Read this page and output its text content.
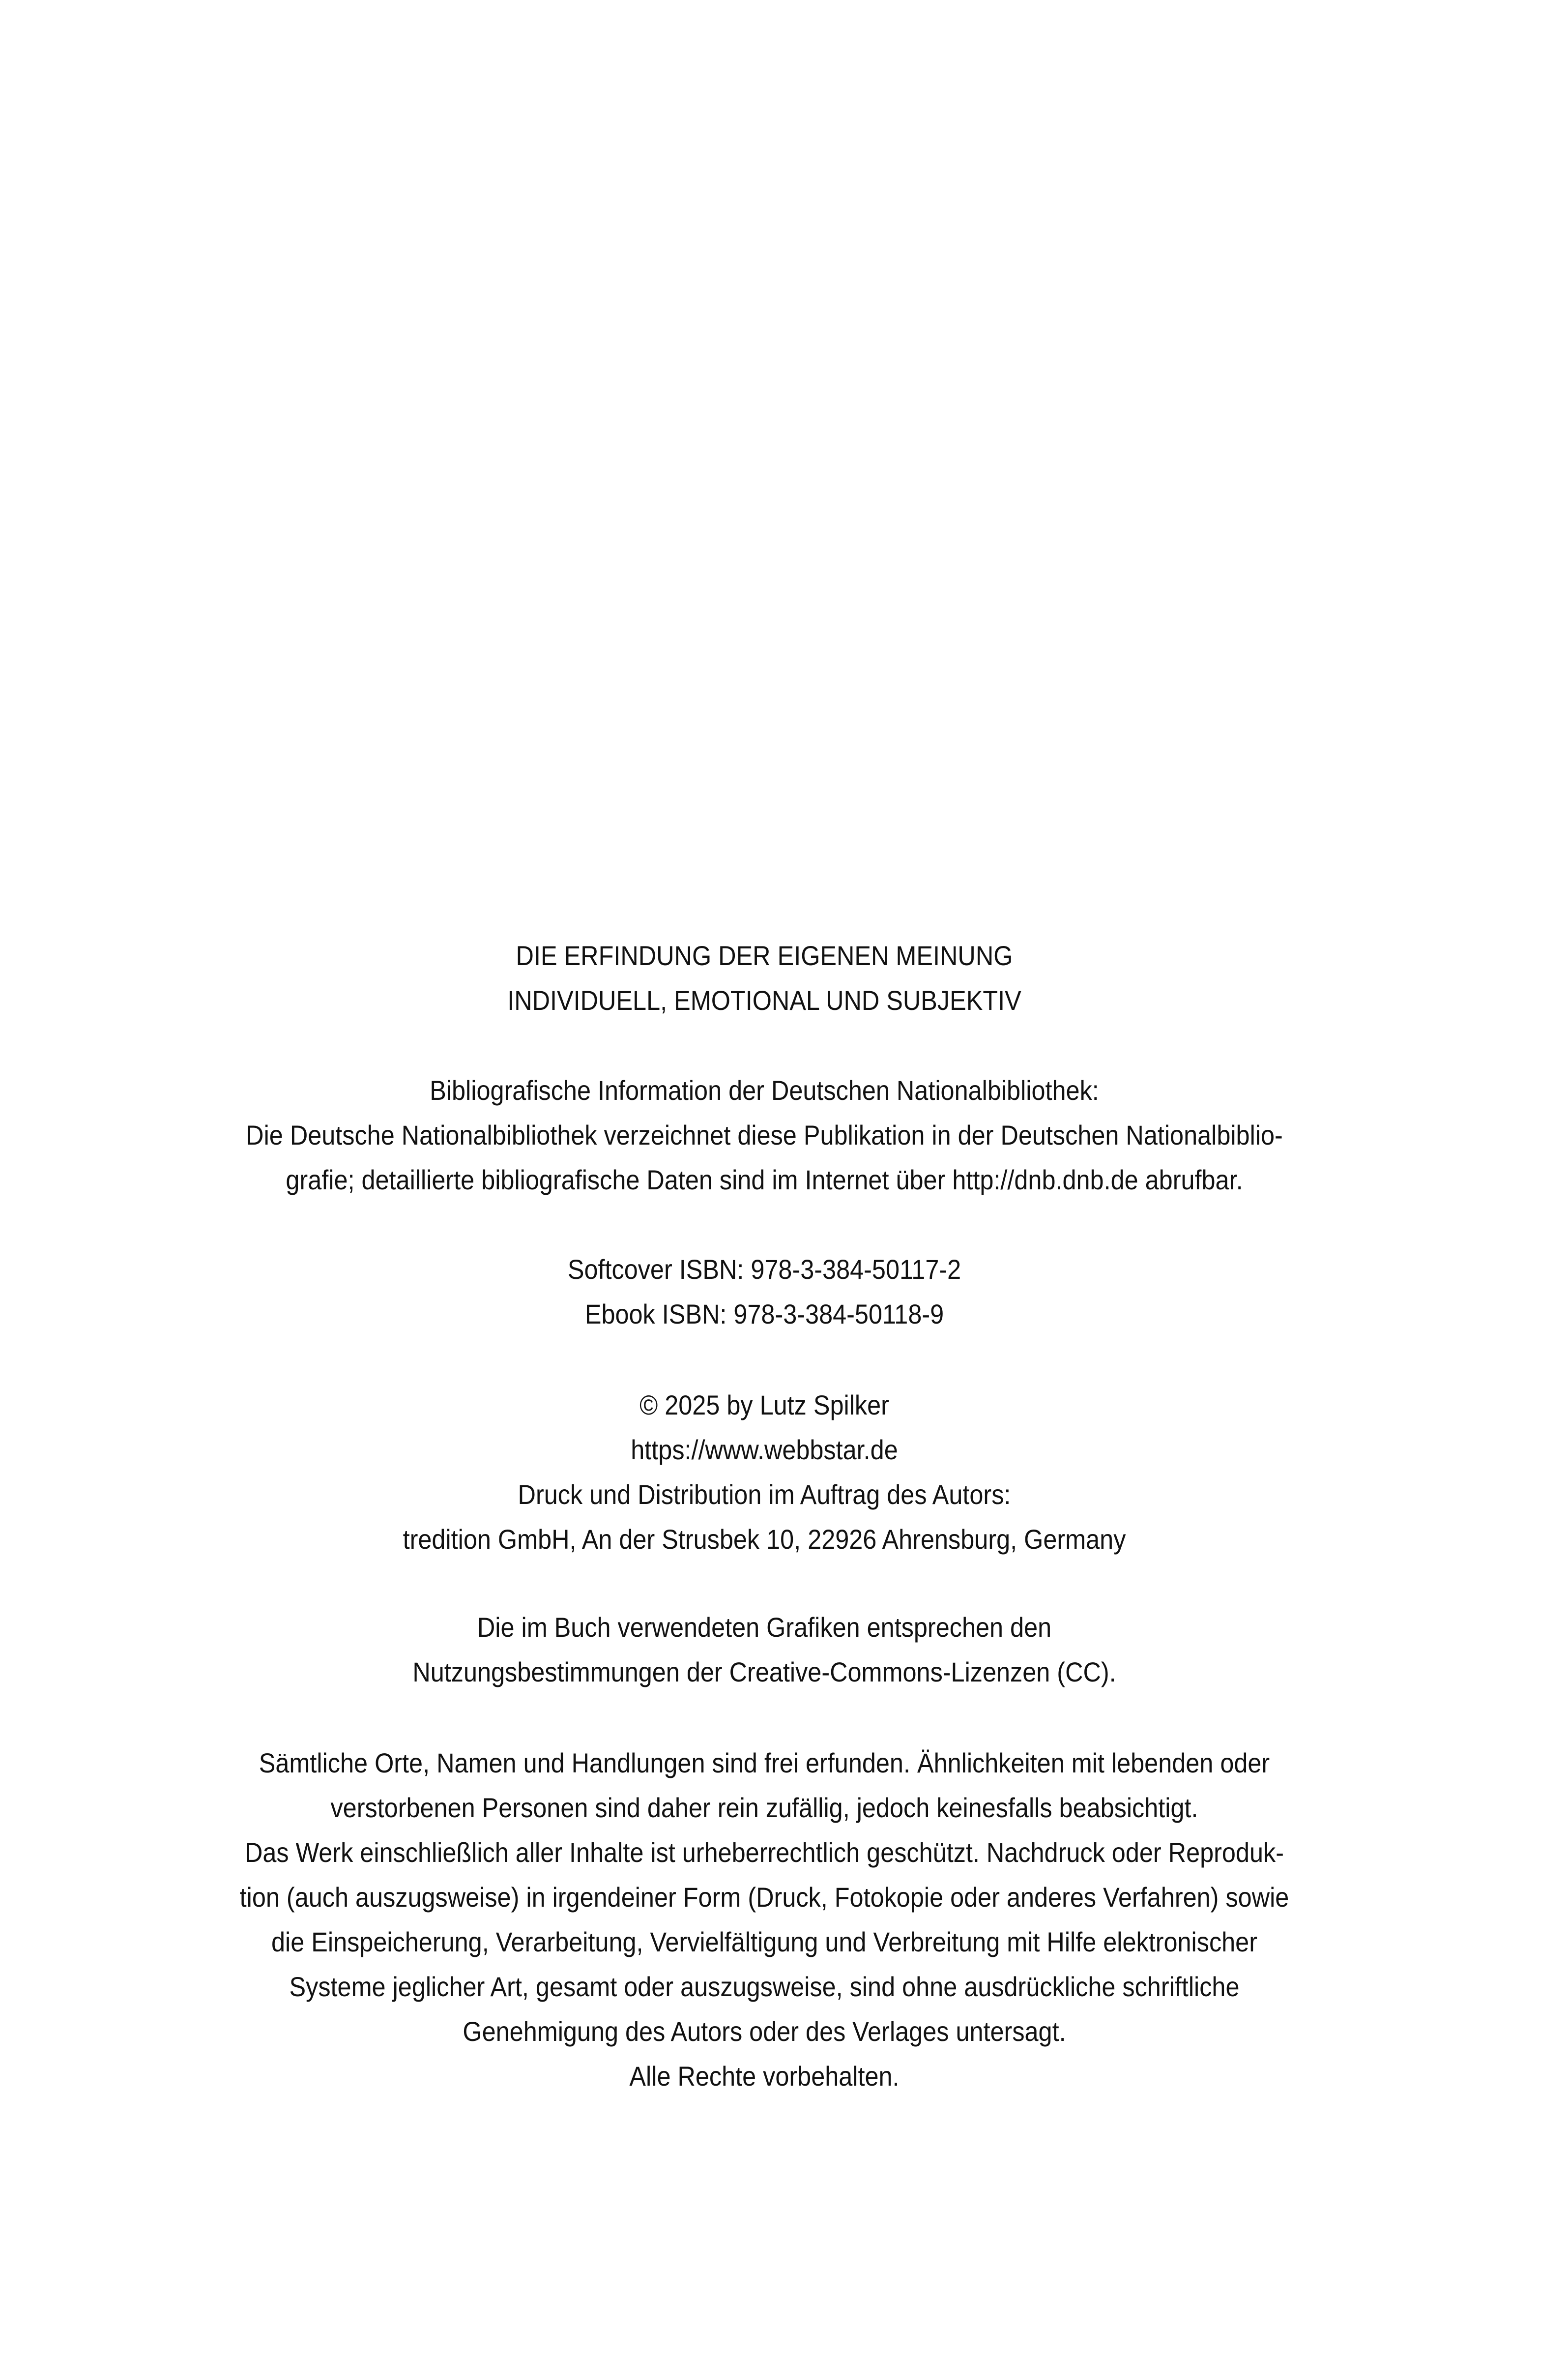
DIE ERFINDUNG DER EIGENEN MEINUNG
INDIVIDUELL, EMOTIONAL UND SUBJEKTIV
Bibliografische Information der Deutschen Nationalbibliothek:
Die Deutsche Nationalbibliothek verzeichnet diese Publikation in der Deutschen Nationalbiblio-
grafie; detaillierte bibliografische Daten sind im Internet über http://dnb.dnb.de abrufbar.
Softcover ISBN: 978-3-384-50117-2
Ebook ISBN: 978-3-384-50118-9
© 2025 by Lutz Spilker
https://www.webbstar.de
Druck und Distribution im Auftrag des Autors:
tredition GmbH, An der Strusbek 10, 22926 Ahrensburg, Germany
Die im Buch verwendeten Grafiken entsprechen den
Nutzungsbestimmungen der Creative-Commons-Lizenzen (CC).
Sämtliche Orte, Namen und Handlungen sind frei erfunden. Ähnlichkeiten mit lebenden oder
verstorbenen Personen sind daher rein zufällig, jedoch keinesfalls beabsichtigt.
Das Werk einschließlich aller Inhalte ist urheberrechtlich geschützt. Nachdruck oder Reproduk-
tion (auch auszugsweise) in irgendeiner Form (Druck, Fotokopie oder anderes Verfahren) sowie
die Einspeicherung, Verarbeitung, Vervielfältigung und Verbreitung mit Hilfe elektronischer
Systeme jeglicher Art, gesamt oder auszugsweise, sind ohne ausdrückliche schriftliche
Genehmigung des Autors oder des Verlages untersagt.
Alle Rechte vorbehalten.
